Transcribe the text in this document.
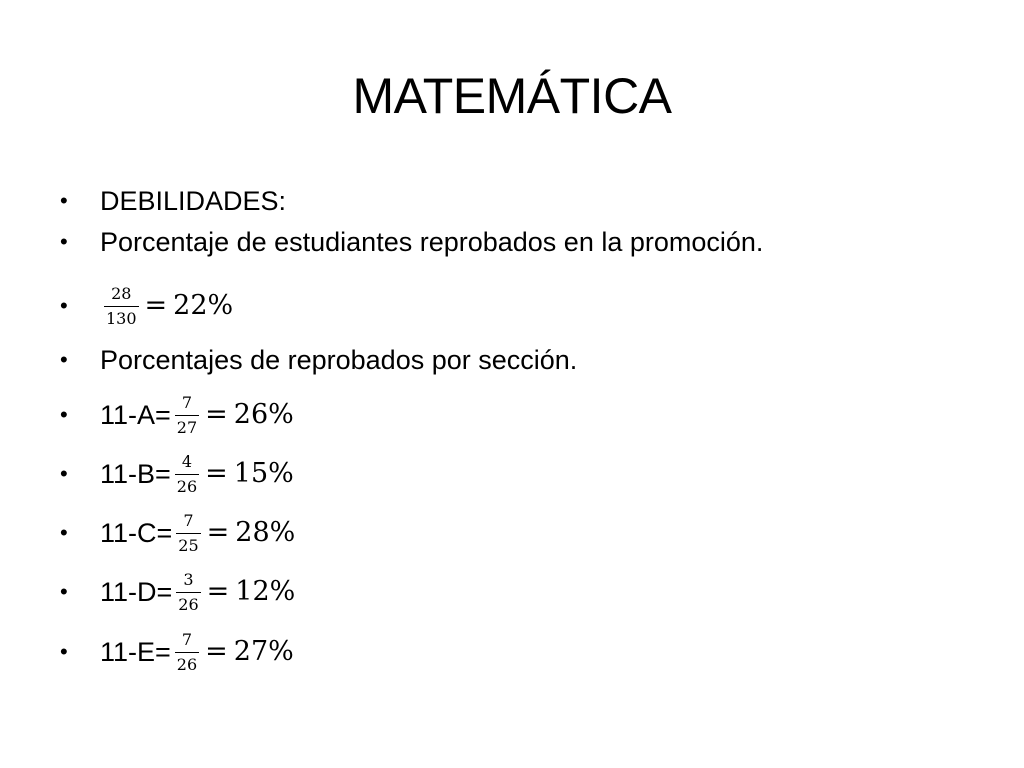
MATEMÁTICA
•	DEBILIDADES:
•	Porcentaje de estudiantes reprobados en la promoción.
•	$\frac{28}{130} = 22\%$
•	Porcentajes de reprobados por sección.
•	$11-A= \frac{7}{27} = 26\%$
•	$11-B= \frac{4}{26} = 15\%$
•	$11-C= \frac{7}{25} = 28\%$
•	$11-D= \frac{3}{26} = 12\%$
•	$11-E= \frac{7}{26} = 27\%$
